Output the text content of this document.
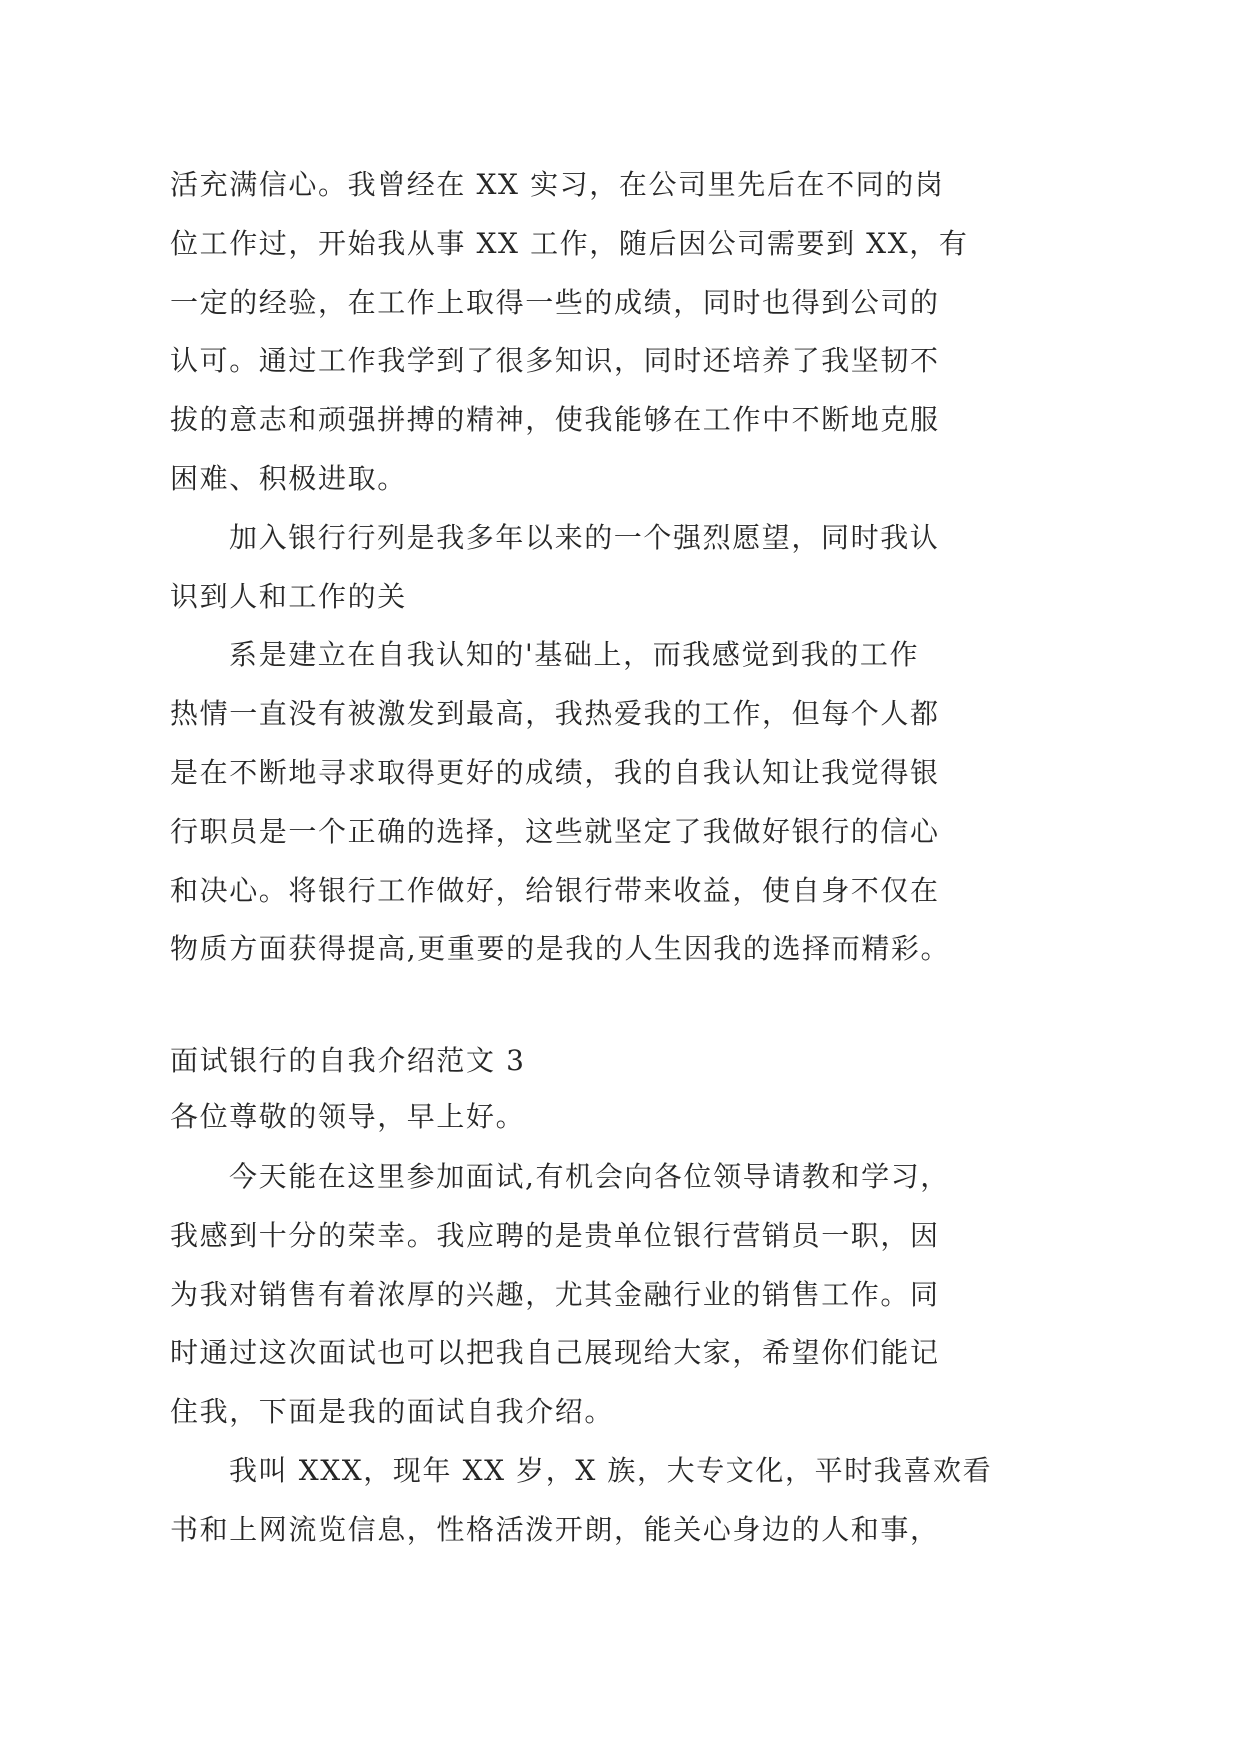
活充满信心。我曾经在 XX 实习，在公司里先后在不同的岗
位工作过，开始我从事 XX 工作，随后因公司需要到 XX，有
一定的经验，在工作上取得一些的成绩，同时也得到公司的
认可。通过工作我学到了很多知识，同时还培养了我坚韧不
拔的意志和顽强拼搏的精神，使我能够在工作中不断地克服
困难、积极进取。
加入银行行列是我多年以来的一个强烈愿望，同时我认
识到人和工作的关
系是建立在自我认知的'基础上，而我感觉到我的工作
热情一直没有被激发到最高，我热爱我的工作，但每个人都
是在不断地寻求取得更好的成绩，我的自我认知让我觉得银
行职员是一个正确的选择，这些就坚定了我做好银行的信心
和决心。将银行工作做好，给银行带来收益，使自身不仅在
物质方面获得提高,更重要的是我的人生因我的选择而精彩。
面试银行的自我介绍范文 3
各位尊敬的领导，早上好。
今天能在这里参加面试,有机会向各位领导请教和学习，
我感到十分的荣幸。我应聘的是贵单位银行营销员一职，因
为我对销售有着浓厚的兴趣，尤其金融行业的销售工作。同
时通过这次面试也可以把我自己展现给大家，希望你们能记
住我，下面是我的面试自我介绍。
我叫 XXX，现年 XX 岁，X 族，大专文化，平时我喜欢看
书和上网流览信息，性格活泼开朗，能关心身边的人和事，
